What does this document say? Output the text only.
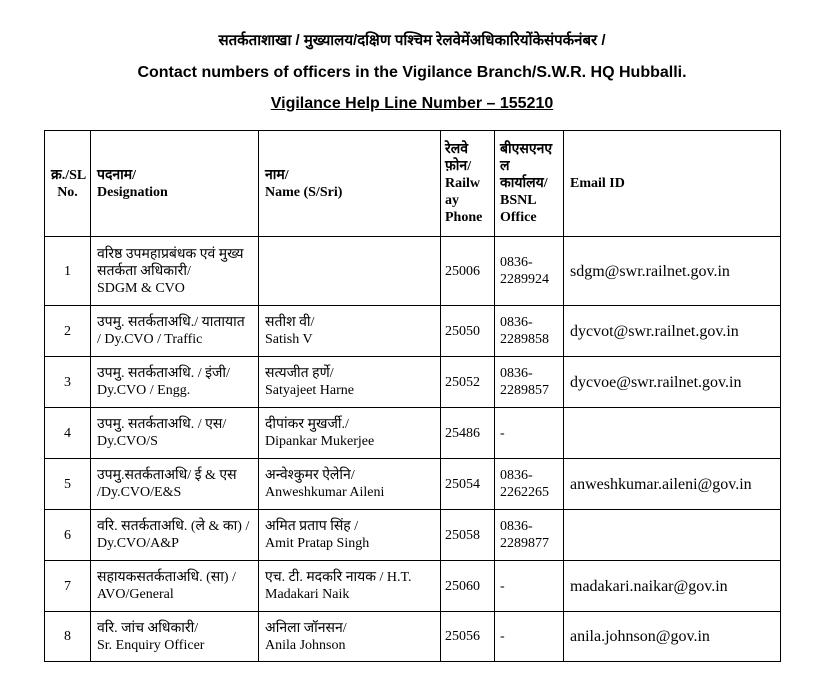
सतर्कताशाखा / मुख्यालय/दक्षिण पश्चिम रेलवेमेंअधिकारियोंकेसंपर्कनंबर /
Contact numbers of officers in the Vigilance Branch/S.W.R. HQ Hubballi.
Vigilance Help Line Number – 155210
क्र./SL
No.	पदनाम/
Designation	नाम/
Name (S/Sri)	रेलवे
फ़ोन/
Railw
ay
Phone	बीएसएनए
ल
कार्यालय/
BSNL
Office	Email ID

1	वरिष्ठ उपमहाप्रबंधक एवं मुख्य
सतर्कता अधिकारी/
SDGM & CVO		25006	0836-
2289924	sdgm@swr.railnet.gov.in
2	उपमु. सतर्कताअधि./ यातायात
/ Dy.CVO / Traffic	सतीश वी/
Satish V	25050	0836-
2289858	dycvot@swr.railnet.gov.in
3	उपमु. सतर्कताअधि. / इंजी/
Dy.CVO / Engg.	सत्यजीत हर्णे/
Satyajeet Harne	25052	0836-
2289857	dycvoe@swr.railnet.gov.in
4	उपमु. सतर्कताअधि. / एस/
Dy.CVO/S	दीपांकर मुखर्जी./
Dipankar Mukerjee	25486	-	

5	उपमु.सतर्कताअधि/ ई & एस
/Dy.CVO/E&S	अन्वेश्कुमर ऐलेनि/
Anweshkumar Aileni	25054	0836-
2262265	anweshkumar.aileni@gov.in
6	वरि. सतर्कताअधि. (ले & का) /
Dy.CVO/A&P	अमित प्रताप सिंह /
Amit Pratap Singh	25058	0836-
2289877	

7	सहायकसतर्कताअधि. (सा) /
AVO/General	एच. टी. मदकरि नायक / H.T.
Madakari Naik	25060	-	madakari.naikar@gov.in
8	वरि. जांच अधिकारी/
Sr. Enquiry Officer	अनिला जॉनसन/
Anila Johnson	25056	-	anila.johnson@gov.in
